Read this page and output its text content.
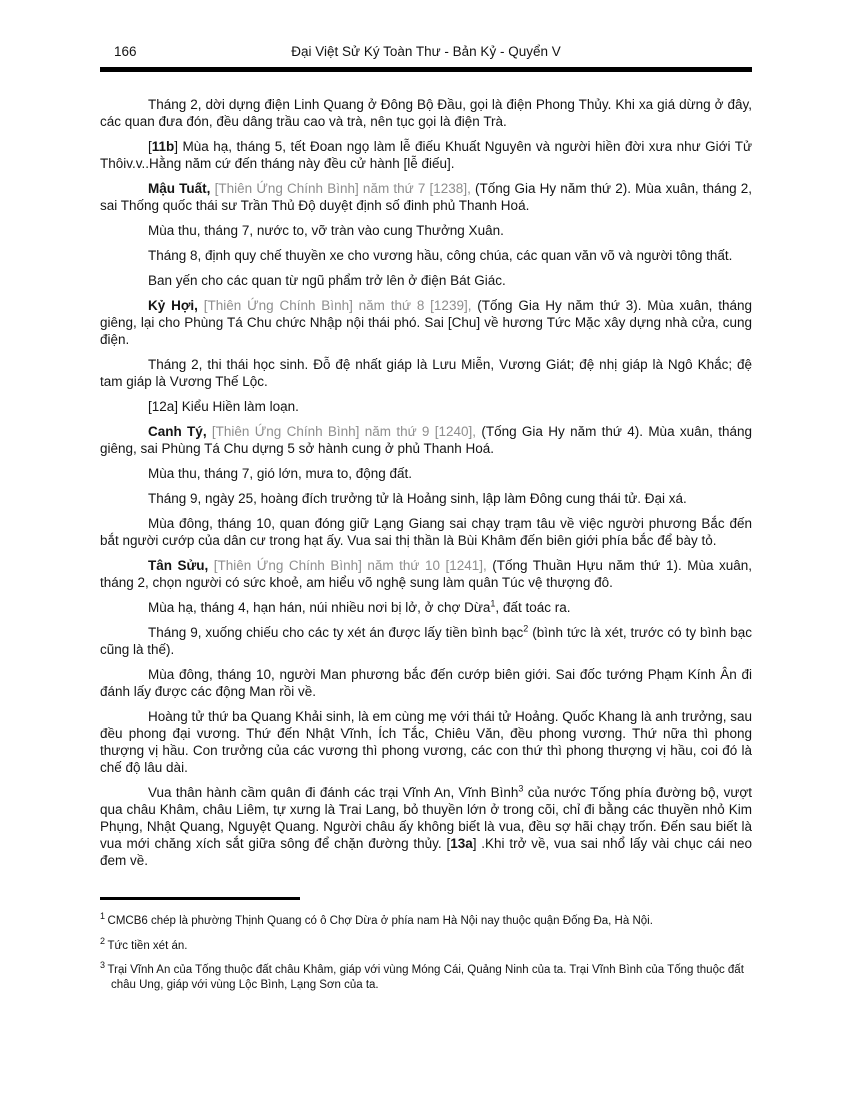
166	Đại Việt Sử Ký Toàn Thư - Bản Kỷ - Quyển V

Tháng 2, dời dựng điện Linh Quang ở Đông Bộ Đầu, gọi là điện Phong Thủy. Khi xa giá dừng ở đây, các quan đưa đón, đều dâng trầu cao và trà, nên tục gọi là điện Trà.

[11b] Mùa hạ, tháng 5, tết Đoan ngọ làm lễ điếu Khuất Nguyên và người hiền đời xưa như Giới Tử Thôiv.v..Hằng năm cứ đến tháng này đều cử hành [lễ điếu].

Mậu Tuất, [Thiên Ứng Chính Bình] năm thứ 7 [1238], (Tống Gia Hy năm thứ 2). Mùa xuân, tháng 2, sai Thống quốc thái sư Trần Thủ Độ duyệt định số đinh phủ Thanh Hoá.

Mùa thu, tháng 7, nước to, vỡ tràn vào cung Thưởng Xuân.

Tháng 8, định quy chế thuyền xe cho vương hầu, công chúa, các quan văn võ và người tông thất.

Ban yến cho các quan từ ngũ phẩm trở lên ở điện Bát Giác.

Kỷ Hợi, [Thiên Ứng Chính Bình] năm thứ 8 [1239], (Tống Gia Hy năm thứ 3). Mùa xuân, tháng giêng, lại cho Phùng Tá Chu chức Nhập nội thái phó. Sai [Chu] về hương Tức Mặc xây dựng nhà cửa, cung điện.

Tháng 2, thi thái học sinh. Đỗ đệ nhất giáp là Lưu Miễn, Vương Giát; đệ nhị giáp là Ngô Khắc; đệ tam giáp là Vương Thế Lộc.

[12a] Kiểu Hiền làm loạn.

Canh Tý, [Thiên Ứng Chính Bình] năm thứ 9 [1240], (Tống Gia Hy năm thứ 4). Mùa xuân, tháng giêng, sai Phùng Tá Chu dựng 5 sở hành cung ở phủ Thanh Hoá.

Mùa thu, tháng 7, gió lớn, mưa to, động đất.

Tháng 9, ngày 25, hoàng đích trưởng tử là Hoảng sinh, lập làm Đông cung thái tử. Đại xá.

Mùa đông, tháng 10, quan đóng giữ Lạng Giang sai chạy trạm tâu về việc người phương Bắc đến bắt người cướp của dân cư trong hạt ấy. Vua sai thị thần là Bùi Khâm đến biên giới phía bắc để bày tỏ.

Tân Sửu, [Thiên Ứng Chính Bình] năm thứ 10 [1241], (Tống Thuần Hựu năm thứ 1). Mùa xuân, tháng 2, chọn người có sức khoẻ, am hiểu võ nghệ sung làm quân Túc vệ thượng đô.

Mùa hạ, tháng 4, hạn hán, núi nhiều nơi bị lở, ở chợ Dừa$^1$, đất toác ra.

Tháng 9, xuống chiếu cho các ty xét án được lấy tiền bình bạc$^2$ (bình tức là xét, trước có ty bình bạc cũng là thế).

Mùa đông, tháng 10, người Man phương bắc đến cướp biên giới. Sai đốc tướng Phạm Kính Ân đi đánh lấy được các động Man rồi về.

Hoàng tử thứ ba Quang Khải sinh, là em cùng mẹ với thái tử Hoảng. Quốc Khang là anh trưởng, sau đều phong đại vương. Thứ đến Nhật Vĩnh, Ích Tắc, Chiêu Văn, đều phong vương. Thứ nữa thì phong thượng vị hầu. Con trưởng của các vương thì phong vương, các con thứ thì phong thượng vị hầu, coi đó là chế độ lâu dài.

Vua thân hành cầm quân đi đánh các trại Vĩnh An, Vĩnh Bình$^3$ của nước Tống phía đường bộ, vượt qua châu Khâm, châu Liêm, tự xưng là Trai Lang, bỏ thuyền lớn ở trong cõi, chỉ đi bằng các thuyền nhỏ Kim Phụng, Nhật Quang, Nguyệt Quang. Người châu ấy không biết là vua, đều sợ hãi chạy trốn. Đến sau biết là vua mới chăng xích sắt giữa sông để chặn đường thủy. [13a] .Khi trở về, vua sai nhổ lấy vài chục cái neo đem về.

$^1$ CMCB6 chép là phường Thịnh Quang có ô Chợ Dừa ở phía nam Hà Nội nay thuộc quận Đống Đa, Hà Nội.
$^2$ Tức tiền xét án.
$^3$ Trại Vĩnh An của Tống thuộc đất châu Khâm, giáp với vùng Móng Cái, Quảng Ninh của ta. Trại Vĩnh Bình của Tống thuộc đất châu Ung, giáp với vùng Lộc Bình, Lạng Sơn của ta.
